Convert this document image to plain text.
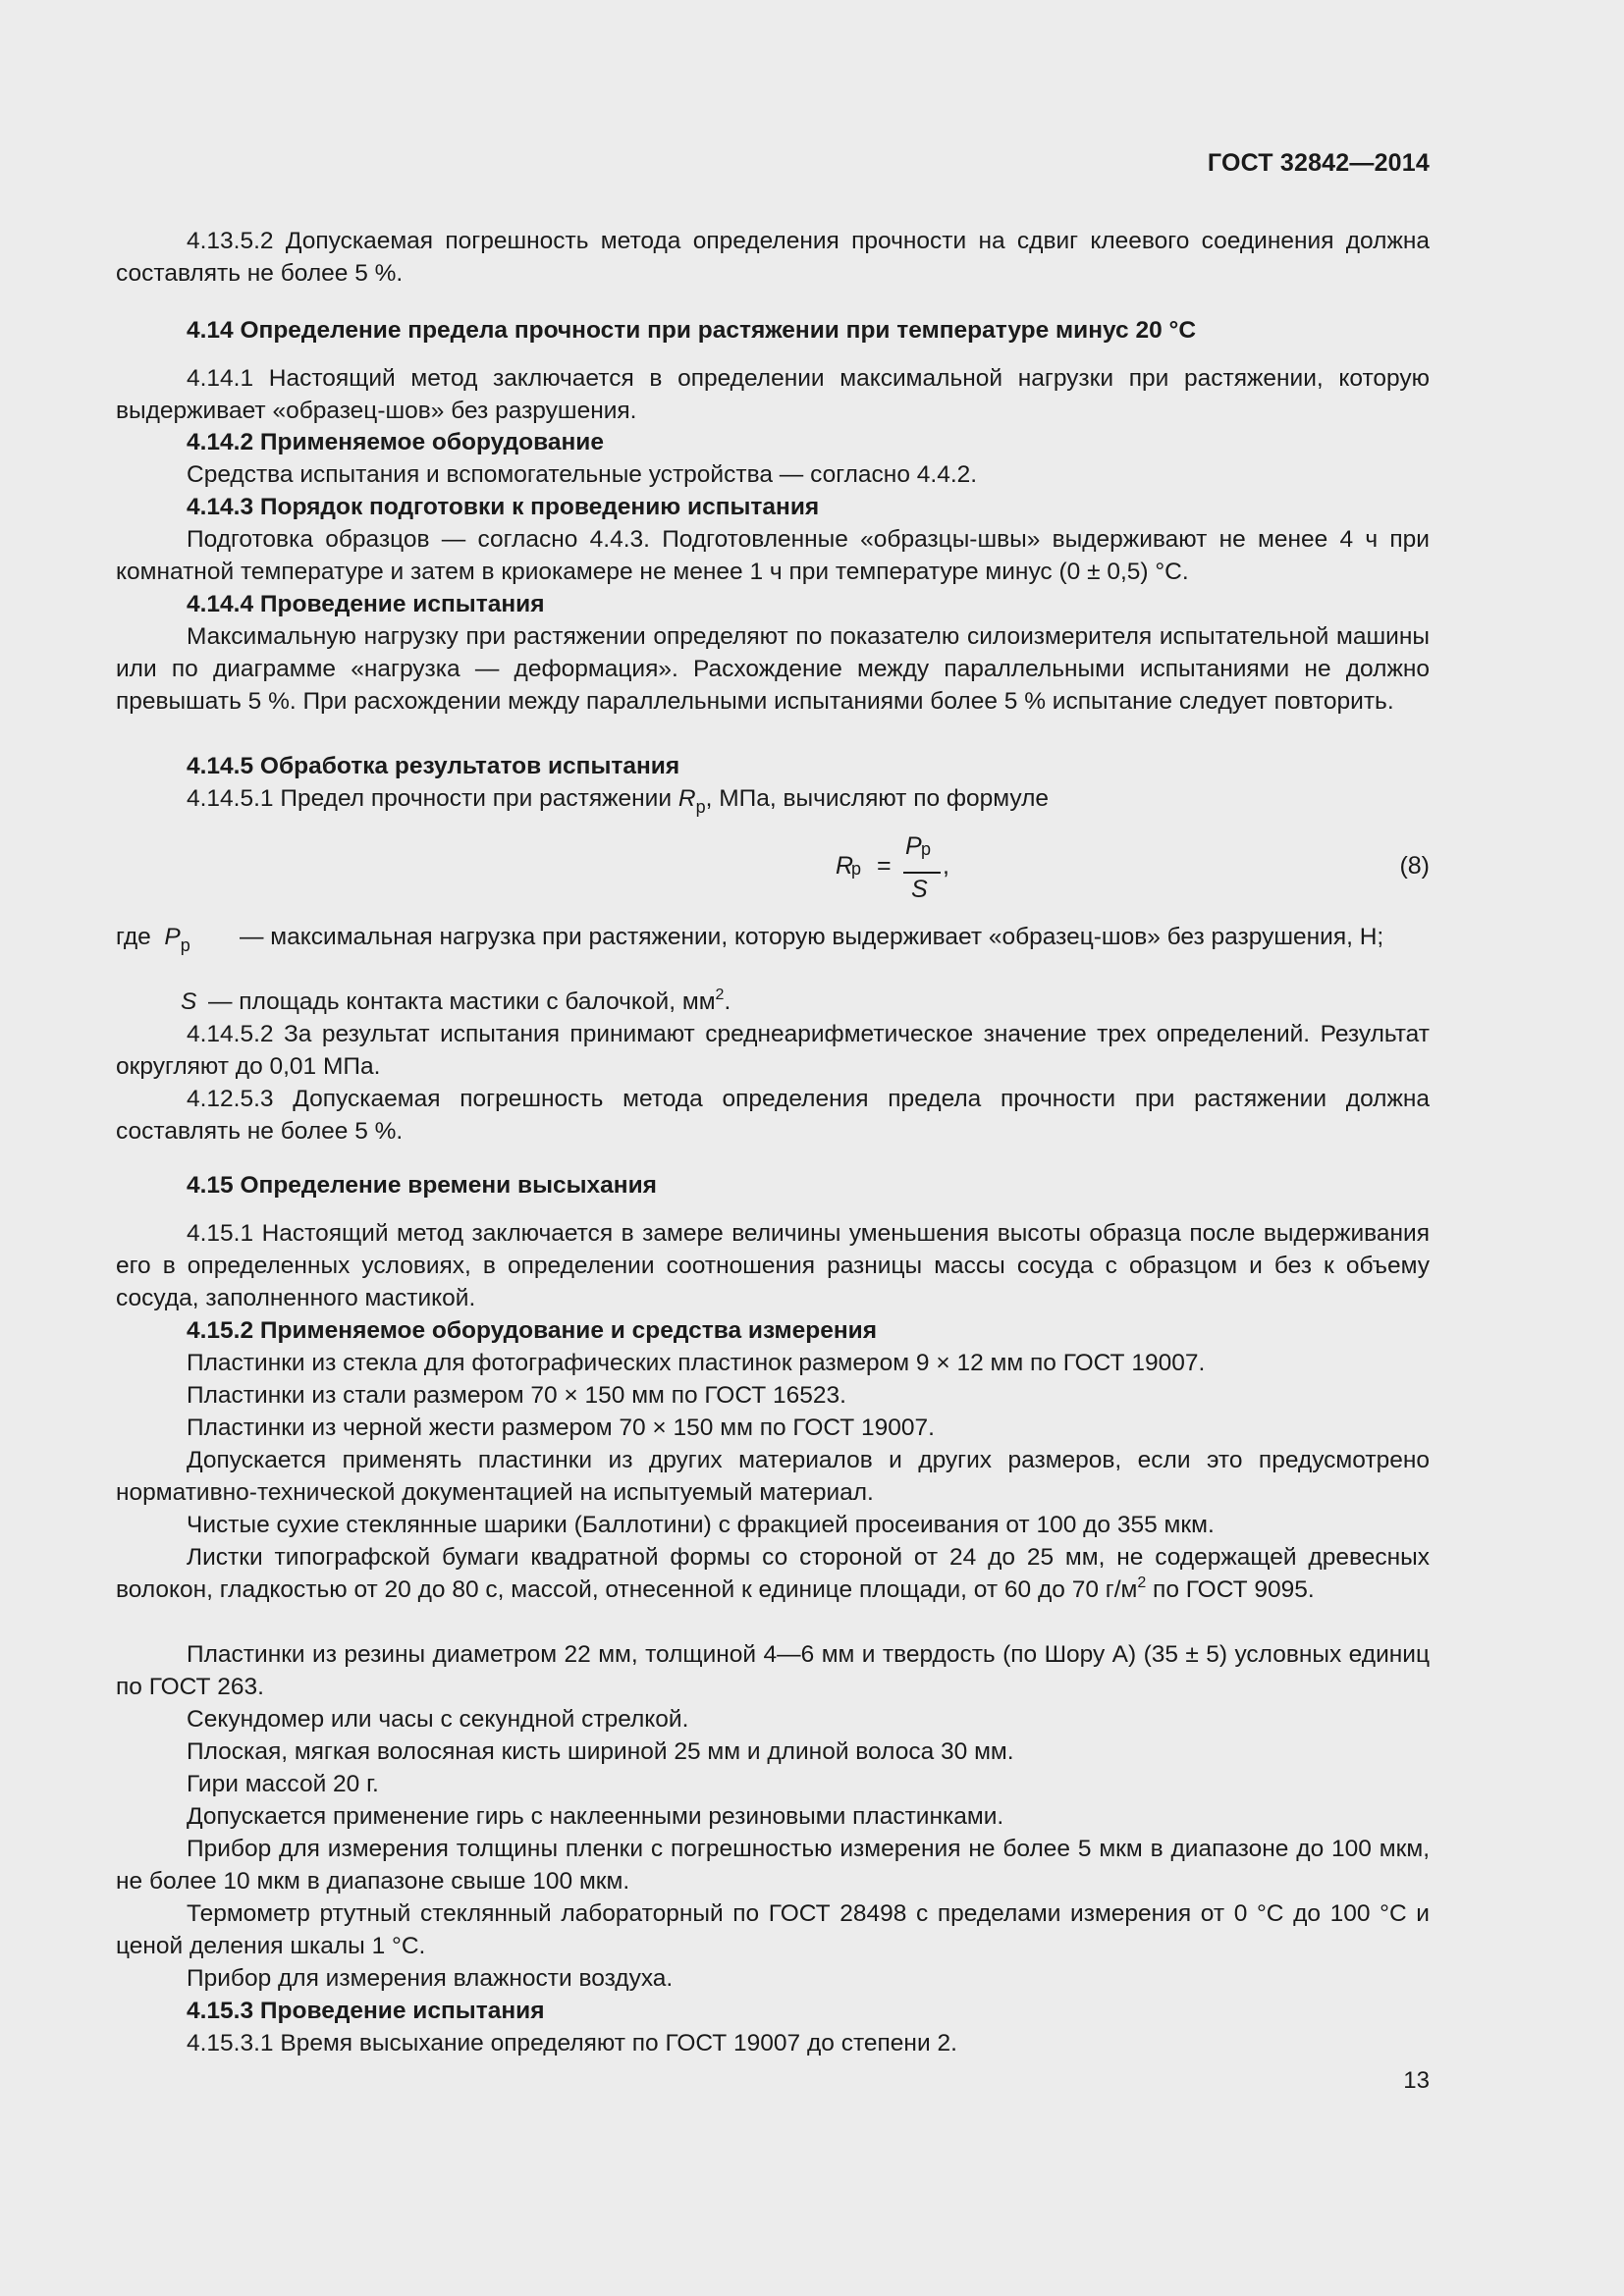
ГОСТ 32842—2014
4.13.5.2 Допускаемая погрешность метода определения прочности на сдвиг клеевого соединения должна составлять не более 5 %.
4.14 Определение предела прочности при растяжении при температуре минус 20 °С
4.14.1 Настоящий метод заключается в определении максимальной нагрузки при растяжении, которую выдерживает «образец-шов» без разрушения.
4.14.2 Применяемое оборудование
Средства испытания и вспомогательные устройства — согласно 4.4.2.
4.14.3 Порядок подготовки к проведению испытания
Подготовка образцов — согласно 4.4.3. Подготовленные «образцы-швы» выдерживают не менее 4 ч при комнатной температуре и затем в криокамере не менее 1 ч при температуре минус (0 ± 0,5) °С.
4.14.4 Проведение испытания
Максимальную нагрузку при растяжении определяют по показателю силоизмерителя испытательной машины или по диаграмме «нагрузка — деформация». Расхождение между параллельными испытаниями не должно превышать 5 %. При расхождении между параллельными испытаниями более 5 % испытание следует повторить.
4.14.5 Обработка результатов испытания
4.14.5.1 Предел прочности при растяжении $R_р$, МПа, вычисляют по формуле
R
р =
P р
S
,	(8)
где $P_р$ — максимальная нагрузка при растяжении, которую выдерживает «образец-шов» без разрушения, Н;
S — площадь контакта мастики с балочкой, $мм^2$.
4.14.5.2 За результат испытания принимают среднеарифметическое значение трех определений. Результат округляют до 0,01 МПа.
4.12.5.3 Допускаемая погрешность метода определения предела прочности при растяжении должна составлять не более 5 %.
4.15 Определение времени высыхания
4.15.1 Настоящий метод заключается в замере величины уменьшения высоты образца после выдерживания его в определенных условиях, в определении соотношения разницы массы сосуда с образцом и без к объему сосуда, заполненного мастикой.
4.15.2 Применяемое оборудование и средства измерения
Пластинки из стекла для фотографических пластинок размером 9 × 12 мм по ГОСТ 19007.
Пластинки из стали размером 70 × 150 мм по ГОСТ 16523.
Пластинки из черной жести размером 70 × 150 мм по ГОСТ 19007.
Допускается применять пластинки из других материалов и других размеров, если это предусмотрено нормативно-технической документацией на испытуемый материал.
Чистые сухие стеклянные шарики (Баллотини) с фракцией просеивания от 100 до 355 мкм.
Листки типографской бумаги квадратной формы со стороной от 24 до 25 мм, не содержащей древесных волокон, гладкостью от 20 до 80 с, массой, отнесенной к единице площади, от 60 до 70 $г/м^2$ по ГОСТ 9095.
Пластинки из резины диаметром 22 мм, толщиной 4—6 мм и твердость (по Шору А) (35 ± 5) условных единиц по ГОСТ 263.
Секундомер или часы с секундной стрелкой.
Плоская, мягкая волосяная кисть шириной 25 мм и длиной волоса 30 мм.
Гири массой 20 г.
Допускается применение гирь с наклеенными резиновыми пластинками.
Прибор для измерения толщины пленки с погрешностью измерения не более 5 мкм в диапазоне до 100 мкм, не более 10 мкм в диапазоне свыше 100 мкм.
Термометр ртутный стеклянный лабораторный по ГОСТ 28498 с пределами измерения от 0 °С до 100 °С и ценой деления шкалы 1 °С.
Прибор для измерения влажности воздуха.
4.15.3 Проведение испытания
4.15.3.1 Время высыхание определяют по ГОСТ 19007 до степени 2.
13
